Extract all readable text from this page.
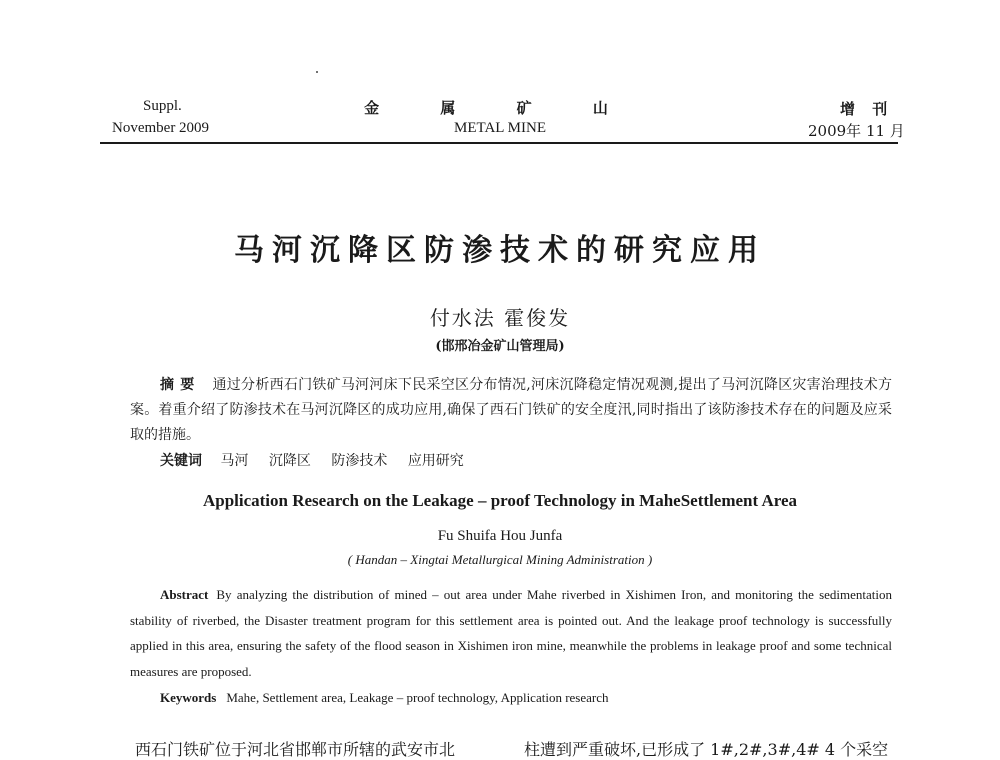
Suppl.
November 2009
金 属 矿 山
METAL MINE
增 刊
2009年 11 月
马河沉降区防渗技术的研究应用
付水法 霍俊发
(邯邢冶金矿山管理局)
摘要 通过分析西石门铁矿马河河床下民采空区分布情况,河床沉降稳定情况观测,提出了马河沉降区灾害治理技术方案。着重介绍了防渗技术在马河沉降区的成功应用,确保了西石门铁矿的安全度汛,同时指出了该防渗技术存在的问题及应采取的措施。
关键词 马河 沉降区 防渗技术 应用研究
Application Research on the Leakage – proof Technology in MaheSettlement Area
Fu Shuifa Hou Junfa
( Handan – Xingtai Metallurgical Mining Administration )
Abstract By analyzing the distribution of mined – out area under Mahe riverbed in Xishimen Iron, and monitoring the sedimentation stability of riverbed, the Disaster treatment program for this settlement area is pointed out. And the leakage proof technology is successfully applied in this area, ensuring the safety of the flood season in Xishimen iron mine, meanwhile the problems in leakage proof and some technical measures are proposed.
Keywords Mahe, Settlement area, Leakage – proof technology, Application research
西石门铁矿位于河北省邯郸市所辖的武安市北	柱遭到严重破坏,已形成了 1#,2#,3#,4# 4 个采空
